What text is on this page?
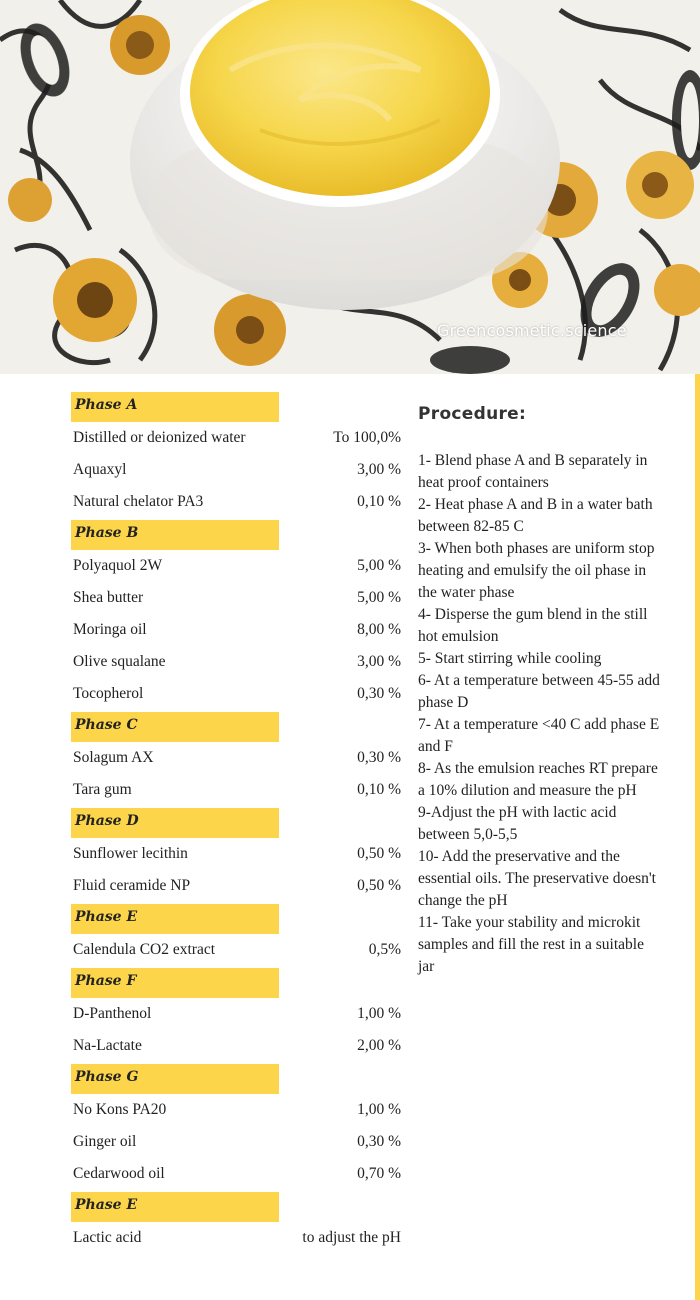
Greencosmetic.science
Phase A
Distilled or deionized water	To 100,0%
Aquaxyl	3,00 %
Natural chelator PA3	0,10 %
Phase B
Polyaquol 2W	5,00 %
Shea butter	5,00 %
Moringa oil	8,00 %
Olive squalane	3,00 %
Tocopherol	0,30 %
Phase C
Solagum AX	0,30 %
Tara gum	0,10 %
Phase D
Sunflower lecithin	0,50 %
Fluid ceramide NP	0,50 %
Phase E
Calendula CO2 extract	0,5%
Phase F
D-Panthenol	1,00 %
Na-Lactate	2,00 %
Phase G
No Kons PA20	1,00 %
Ginger oil	0,30 %
Cedarwood oil	0,70 %
Phase E
Lactic acid	to adjust the pH
Procedure:
1- Blend phase A and B separately in heat proof containers
2- Heat phase A and B in a water bath between 82-85 C
3- When both phases are uniform stop heating and emulsify the oil phase in the water phase
4- Disperse the gum blend in the still hot emulsion
5- Start stirring while cooling
6- At a temperature between 45-55 add phase D
7- At a temperature <40 C add phase E and F
8- As the emulsion reaches RT prepare a 10% dilution and measure the pH
9-Adjust the pH with lactic acid between 5,0-5,5
10- Add the preservative and the essential oils. The preservative doesn't change the pH
11- Take your stability and microkit samples and fill the rest in a suitable jar
